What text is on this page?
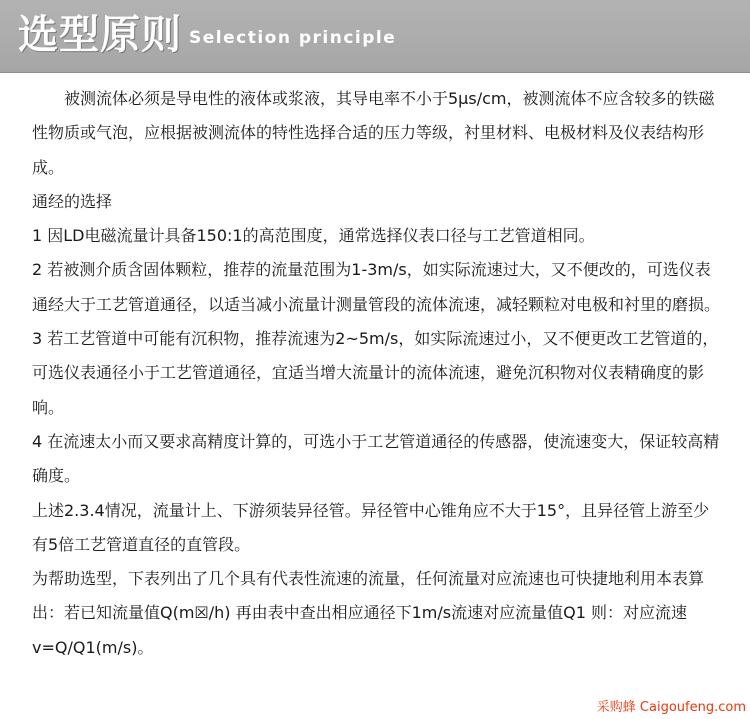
选型原则 Selection principle

被测流体必须是导电性的液体或浆液，其导电率不小于5μs/cm，被测流体不应含较多的铁磁性物质或气泡，应根据被测流体的特性选择合适的压力等级，衬里材料、电极材料及仪表结构形成。

通经的选择

1 因LD电磁流量计具备150:1的高范围度，通常选择仪表口径与工艺管道相同。

2 若被测介质含固体颗粒，推荐的流量范围为1-3m/s，如实际流速过大，又不便改的，可选仪表通经大于工艺管道通径，以适当减小流量计测量管段的流体流速，减轻颗粒对电极和衬里的磨损。

3 若工艺管道中可能有沉积物，推荐流速为2~5m/s，如实际流速过小，又不便更改工艺管道的，可选仪表通径小于工艺管道通径，宜适当增大流量计的流体流速，避免沉积物对仪表精确度的影响。

4 在流速太小而又要求高精度计算的，可选小于工艺管道通径的传感器，使流速变大，保证较高精确度。

上述2.3.4情况，流量计上、下游须装异径管。异径管中心锥角应不大于15°，且异径管上游至少有5倍工艺管道直径的直管段。

为帮助选型，下表列出了几个具有代表性流速的流量，任何流量对应流速也可快捷地利用本表算出：若已知流量值Q(m☒/h) 再由表中查出相应通径下1m/s流速对应流量值Q1 则：对应流速v=Q/Q1(m/s)。

采购蜂 Caigoufeng.com
